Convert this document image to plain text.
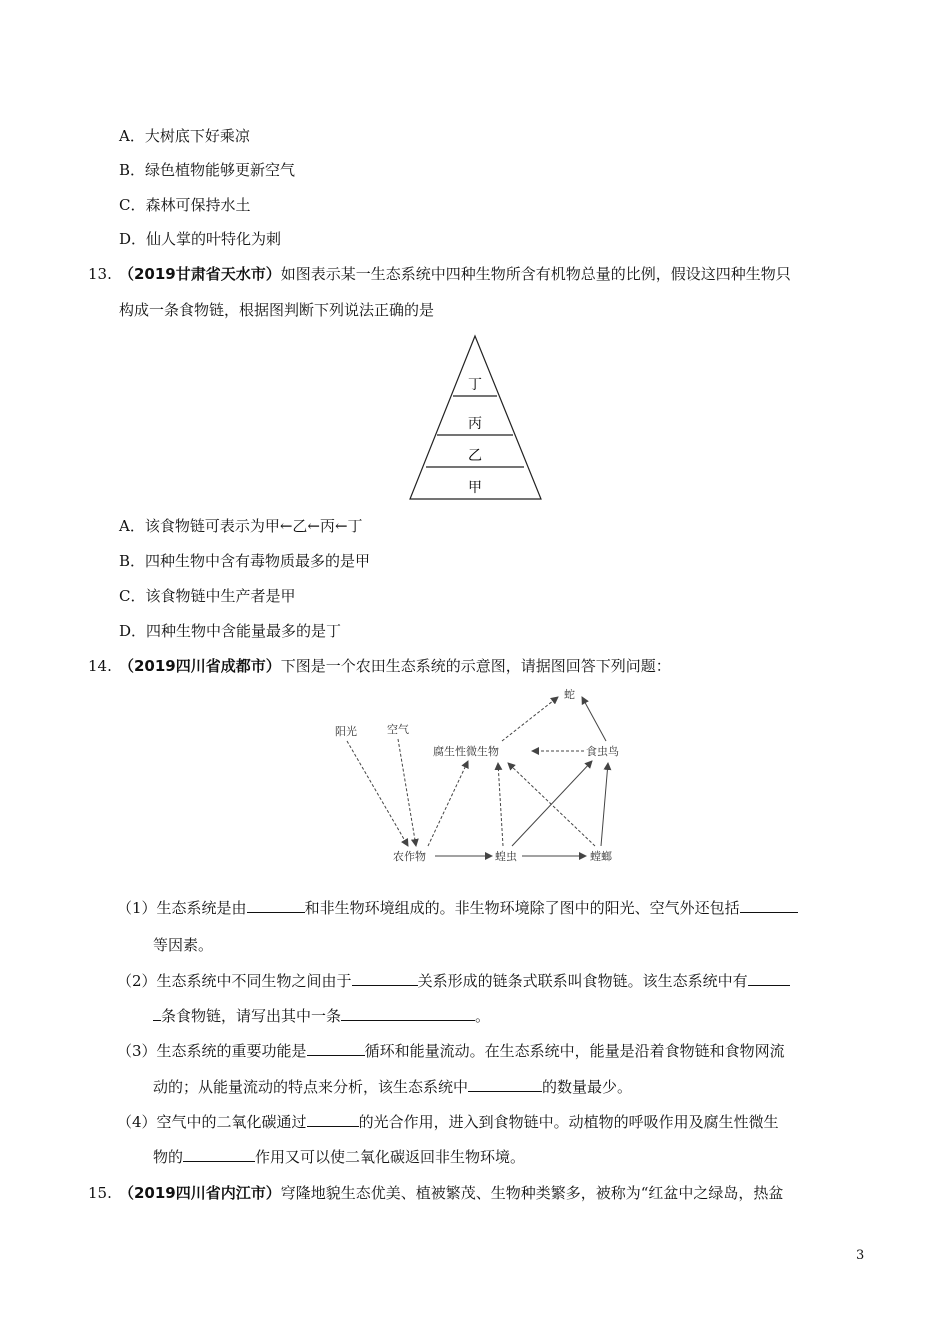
A．大树底下好乘凉
B．绿色植物能够更新空气
C．森林可保持水土
D．仙人掌的叶特化为刺
13. （2019甘肃省天水市）如图表示某一生态系统中四种生物所含有机物总量的比例，假设这四种生物只
构成一条食物链，根据图判断下列说法正确的是
丁
丙
乙
甲
A．该食物链可表示为甲←乙←丙←丁
B．四种生物中含有毒物质最多的是甲
C．该食物链中生产者是甲
D．四种生物中含能量最多的是丁
14. （2019四川省成都市）下图是一个农田生态系统的示意图，请据图回答下列问题：
阳光	空气
腐生性微生物
蛇
食虫鸟
农作物	蝗虫	螳螂
（1）生态系统是由	和非生物环境组成的。非生物环境除了图中的阳光、空气外还包括
等因素。
（2）生态系统中不同生物之间由于	关系形成的链条式联系叫食物链。该生态系统中有
条食物链，请写出其中一条	。
（3）生态系统的重要功能是	循环和能量流动。在生态系统中，能量是沿着食物链和食物网流
动的；从能量流动的特点来分析，该生态系统中	的数量最少。
（4）空气中的二氧化碳通过	的光合作用，进入到食物链中。动植物的呼吸作用及腐生性微生
物的	作用又可以使二氧化碳返回非生物环境。
15. （2019四川省内江市）穹隆地貌生态优美、植被繁茂、生物种类繁多，被称为“红盆中之绿岛，热盆
3
